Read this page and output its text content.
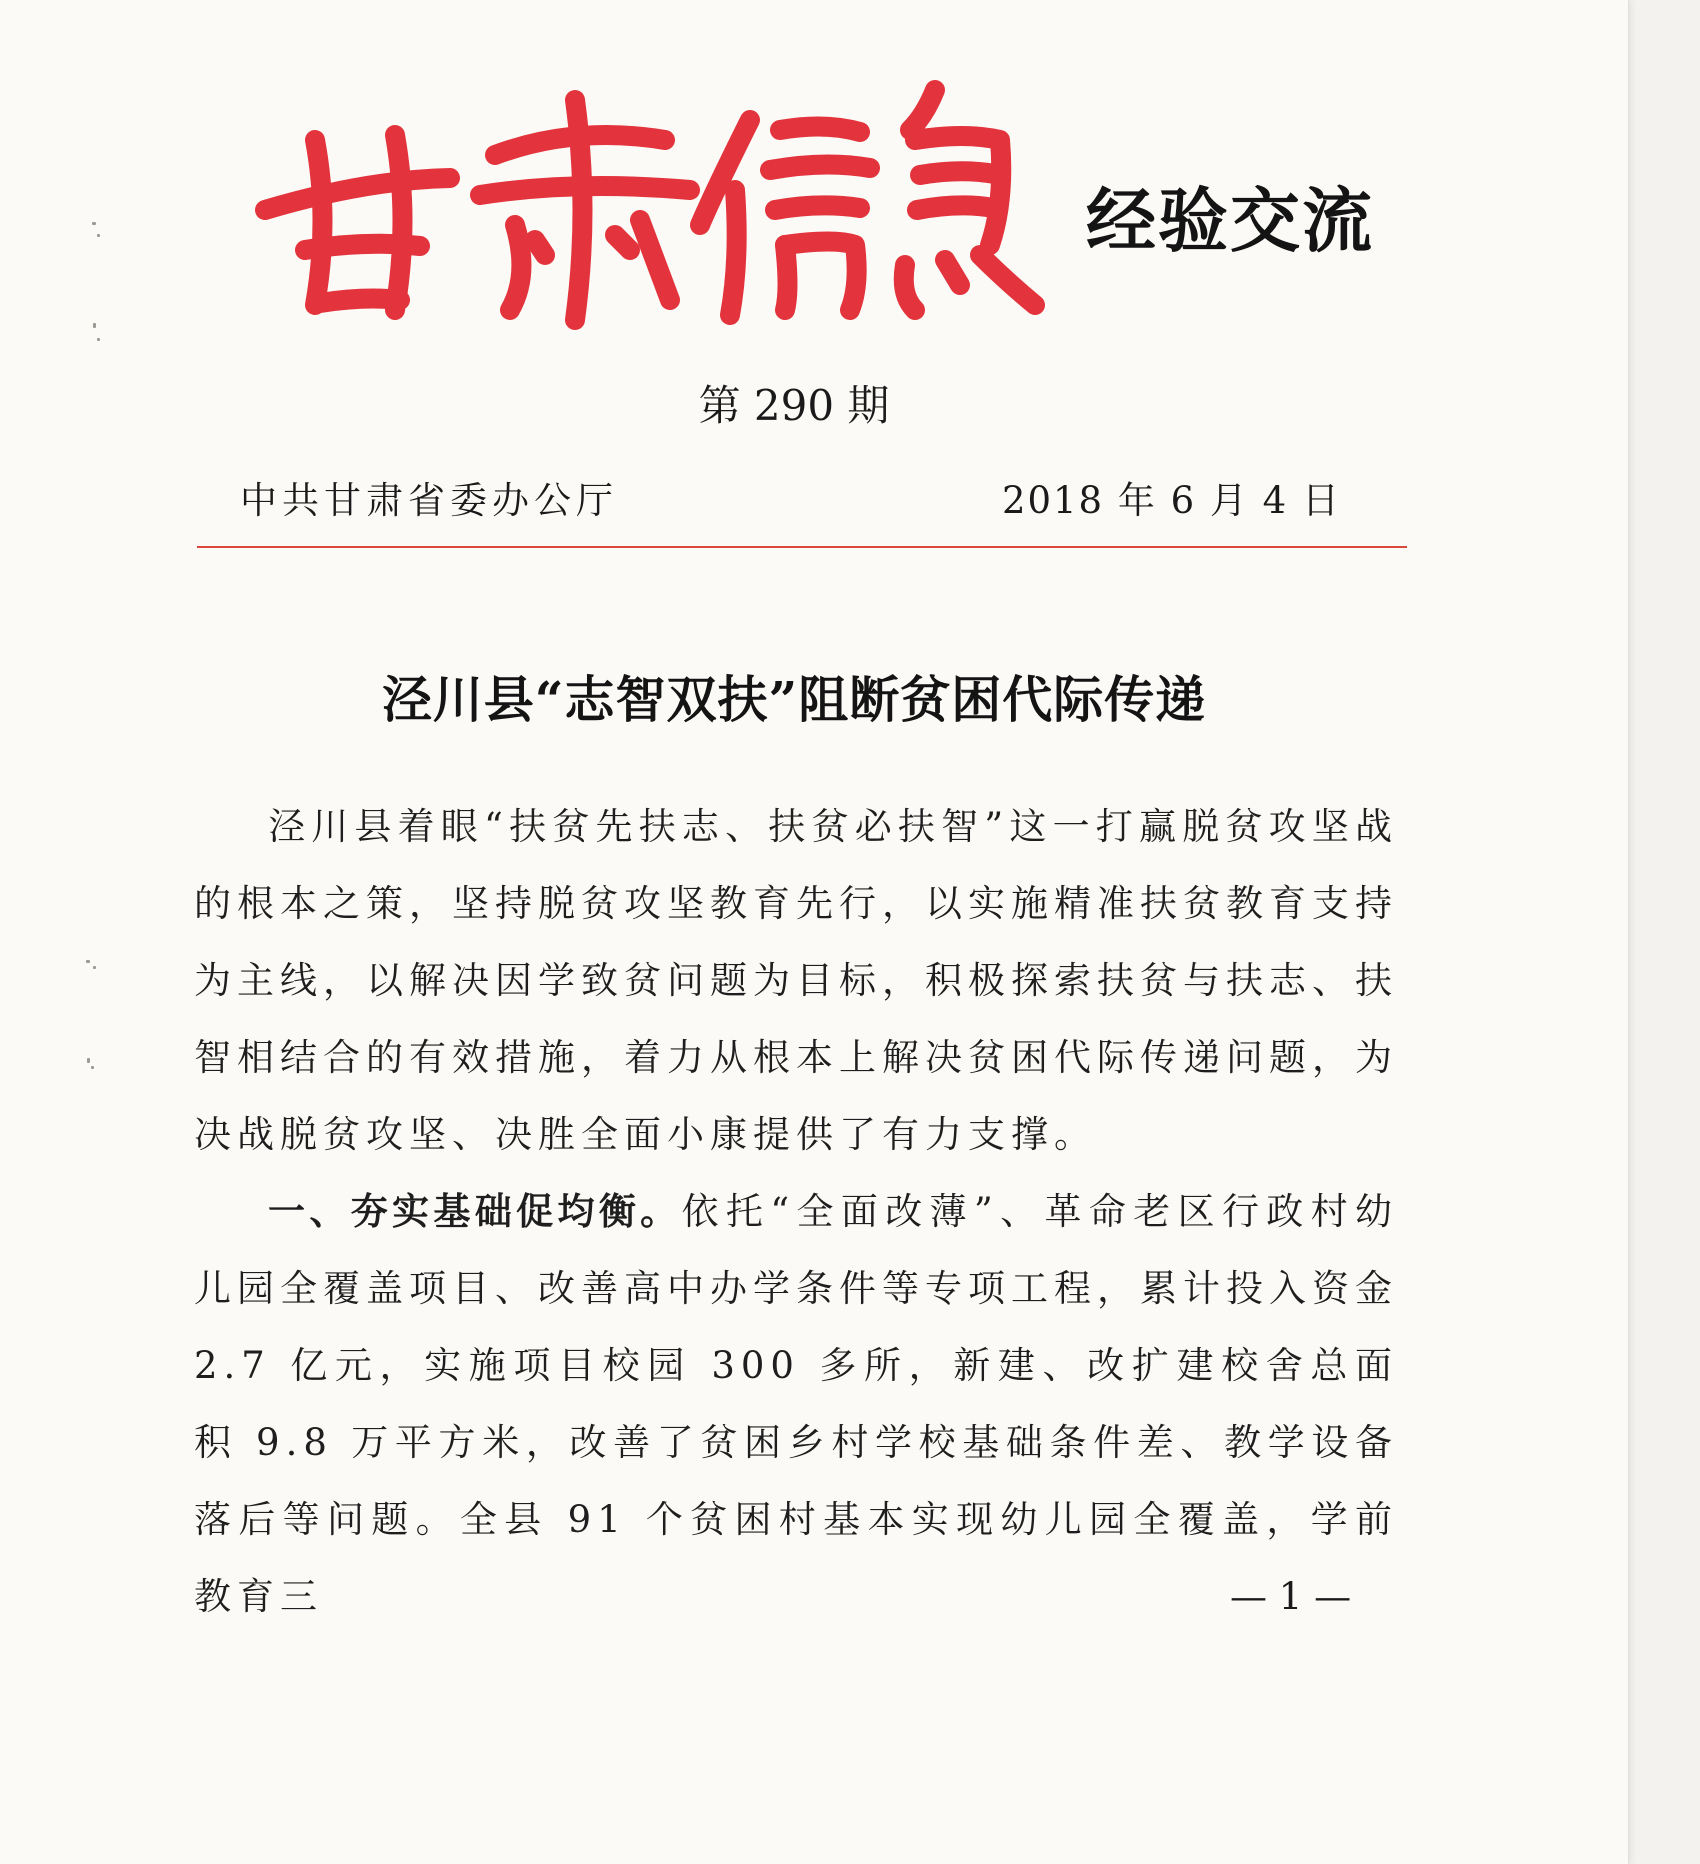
经验交流
第 290 期
中共甘肃省委办公厅	2018 年 6 月 4 日
泾川县“志智双扶”阻断贫困代际传递

泾川县着眼“扶贫先扶志、扶贫必扶智”这一打赢脱贫攻坚战的根本之策，坚持脱贫攻坚教育先行，以实施精准扶贫教育支持为主线，以解决因学致贫问题为目标，积极探索扶贫与扶志、扶智相结合的有效措施，着力从根本上解决贫困代际传递问题，为决战脱贫攻坚、决胜全面小康提供了有力支撑。

一、夯实基础促均衡。依托“全面改薄”、革命老区行政村幼儿园全覆盖项目、改善高中办学条件等专项工程，累计投入资金 2.7 亿元，实施项目校园 300 多所，新建、改扩建校舍总面积 9.8 万平方米，改善了贫困乡村学校基础条件差、教学设备落后等问题。全县 91 个贫困村基本实现幼儿园全覆盖，学前教育三	— 1 —
